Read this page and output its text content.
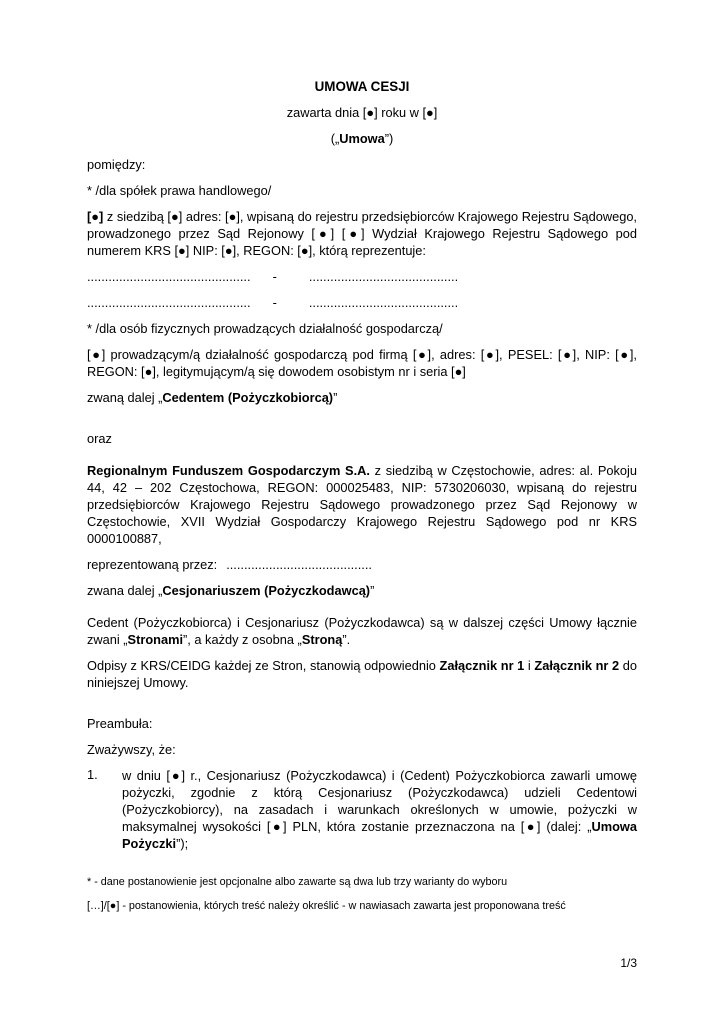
UMOWA CESJI

zawarta dnia [●] roku w [●]

(„Umowa”)

pomiędzy:

* /dla spółek prawa handlowego/

[●] z siedzibą [●] adres: [●], wpisaną do rejestru przedsiębiorców Krajowego Rejestru Sądowego, prowadzonego przez Sąd Rejonowy [●] [●] Wydział Krajowego Rejestru Sądowego pod numerem KRS [●] NIP: [●], REGON: [●], którą reprezentuje:

.............................................. -	..........................................

.............................................. -	..........................................

* /dla osób fizycznych prowadzących działalność gospodarczą/

[●] prowadzącym/ą działalność gospodarczą pod firmą [●], adres: [●], PESEL: [●], NIP: [●], REGON: [●], legitymującym/ą się dowodem osobistym nr i seria [●]

zwaną dalej „Cedentem (Pożyczkobiorcą)”

oraz

Regionalnym Funduszem Gospodarczym S.A. z siedzibą w Częstochowie, adres: al. Pokoju 44, 42 – 202 Częstochowa, REGON: 000025483, NIP: 5730206030, wpisaną do rejestru przedsiębiorców Krajowego Rejestru Sądowego prowadzonego przez Sąd Rejonowy w Częstochowie, XVII Wydział Gospodarczy Krajowego Rejestru Sądowego pod nr KRS 0000100887,

reprezentowaną przez: .........................................

zwana dalej „Cesjonariuszem (Pożyczkodawcą)”

Cedent (Pożyczkobiorca) i Cesjonariusz (Pożyczkodawca) są w dalszej części Umowy łącznie zwani „Stronami”, a każdy z osobna „Stroną”.

Odpisy z KRS/CEIDG każdej ze Stron, stanowią odpowiednio Załącznik nr 1 i Załącznik nr 2 do niniejszej Umowy.

Preambuła:

Zważywszy, że:

1.	w dniu [●] r., Cesjonariusz (Pożyczkodawca) i (Cedent) Pożyczkobiorca zawarli umowę pożyczki, zgodnie z którą Cesjonariusz (Pożyczkodawca) udzieli Cedentowi (Pożyczkobiorcy), na zasadach i warunkach określonych w umowie, pożyczki w maksymalnej wysokości [●] PLN, która zostanie przeznaczona na [●] (dalej: „Umowa Pożyczki”);

* - dane postanowienie jest opcjonalne albo zawarte są dwa lub trzy warianty do wyboru

[…]/[●] - postanowienia, których treść należy określić - w nawiasach zawarta jest proponowana treść

1/3
